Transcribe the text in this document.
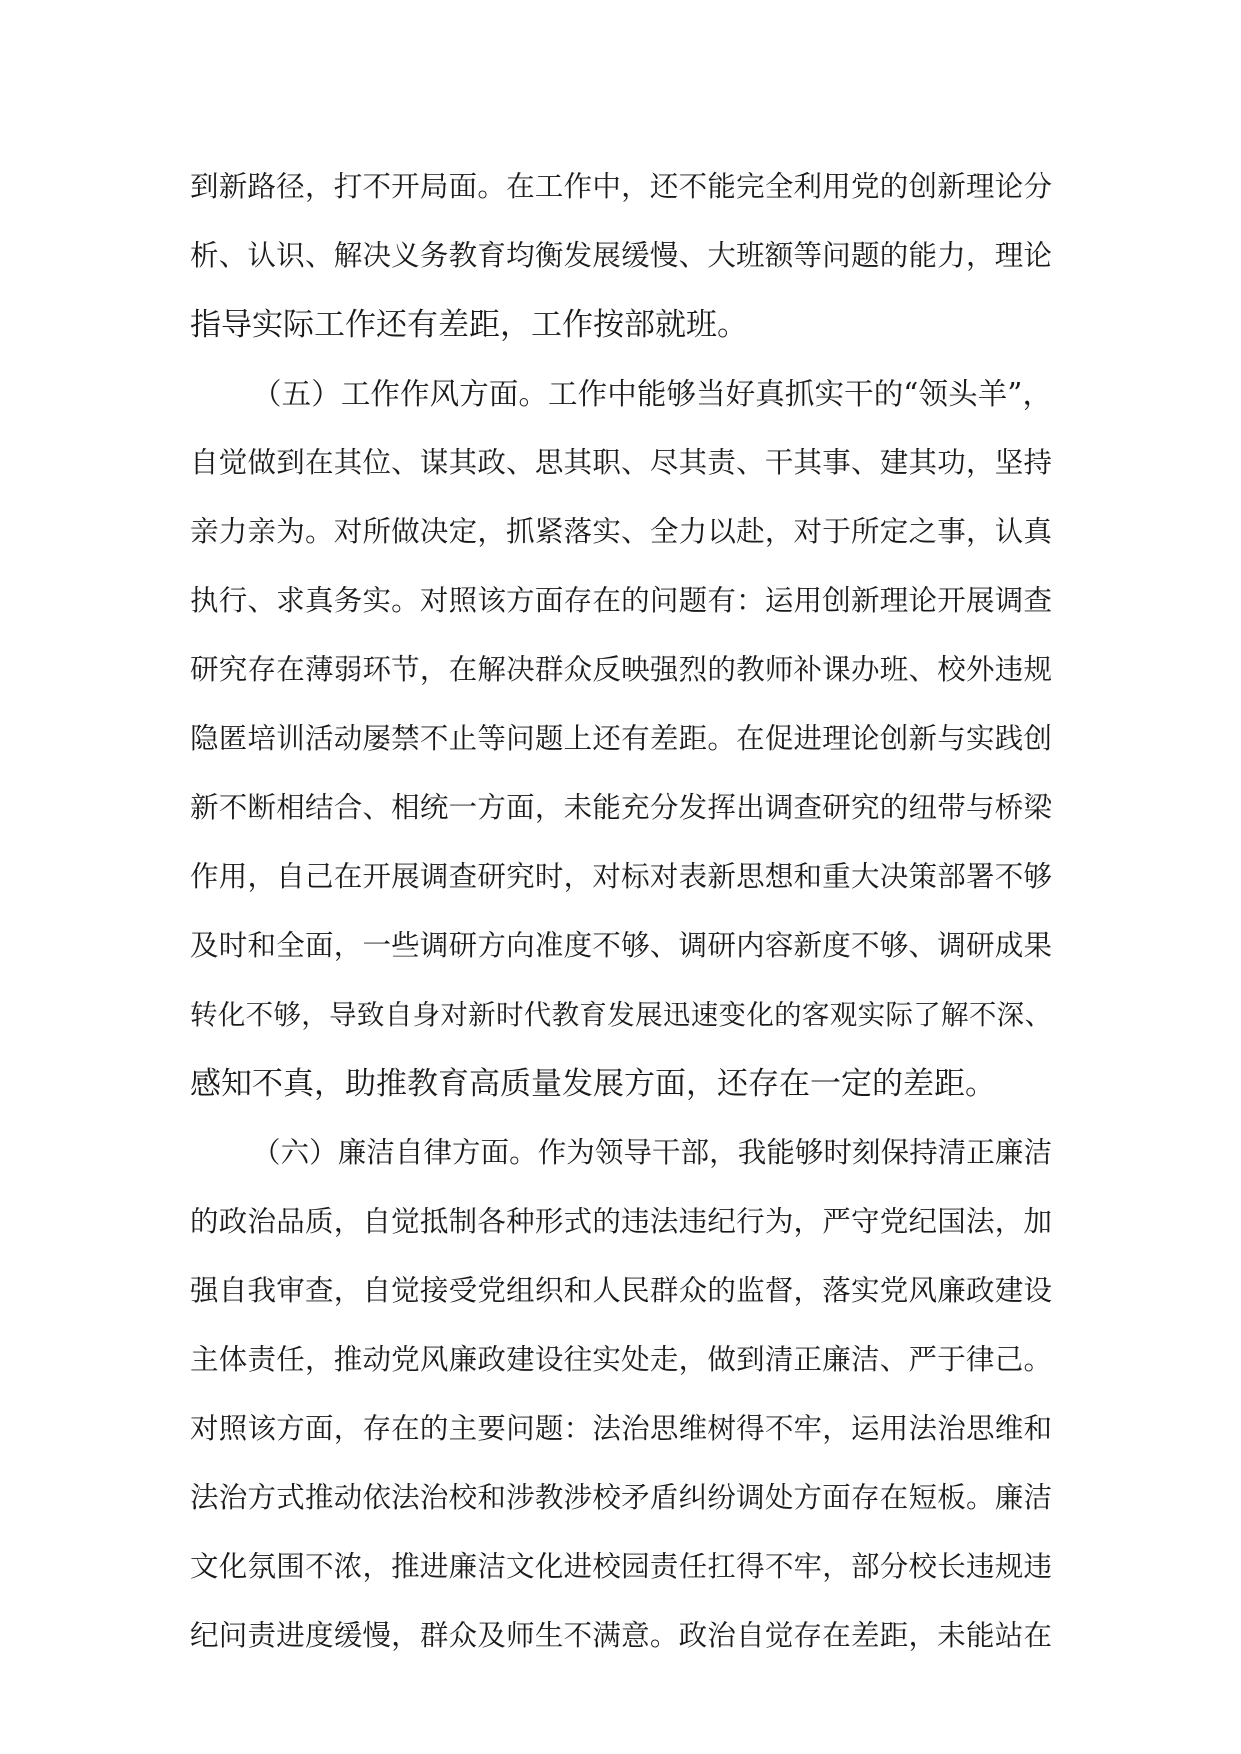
到新路径，打不开局面。在工作中，还不能完全利用党的创新理论分
析、认识、解决义务教育均衡发展缓慢、大班额等问题的能力，理论
指导实际工作还有差距，工作按部就班。
（五）工作作风方面。工作中能够当好真抓实干的“领头羊”，
自觉做到在其位、谋其政、思其职、尽其责、干其事、建其功，坚持
亲力亲为。对所做决定，抓紧落实、全力以赴，对于所定之事，认真
执行、求真务实。对照该方面存在的问题有：运用创新理论开展调查
研究存在薄弱环节，在解决群众反映强烈的教师补课办班、校外违规
隐匿培训活动屡禁不止等问题上还有差距。在促进理论创新与实践创
新不断相结合、相统一方面，未能充分发挥出调查研究的纽带与桥梁
作用，自己在开展调查研究时，对标对表新思想和重大决策部署不够
及时和全面，一些调研方向准度不够、调研内容新度不够、调研成果
转化不够，导致自身对新时代教育发展迅速变化的客观实际了解不深、
感知不真，助推教育高质量发展方面，还存在一定的差距。
（六）廉洁自律方面。作为领导干部，我能够时刻保持清正廉洁
的政治品质，自觉抵制各种形式的违法违纪行为，严守党纪国法，加
强自我审查，自觉接受党组织和人民群众的监督，落实党风廉政建设
主体责任，推动党风廉政建设往实处走，做到清正廉洁、严于律己。
对照该方面，存在的主要问题：法治思维树得不牢，运用法治思维和
法治方式推动依法治校和涉教涉校矛盾纠纷调处方面存在短板。廉洁
文化氛围不浓，推进廉洁文化进校园责任扛得不牢，部分校长违规违
纪问责进度缓慢，群众及师生不满意。政治自觉存在差距，未能站在
